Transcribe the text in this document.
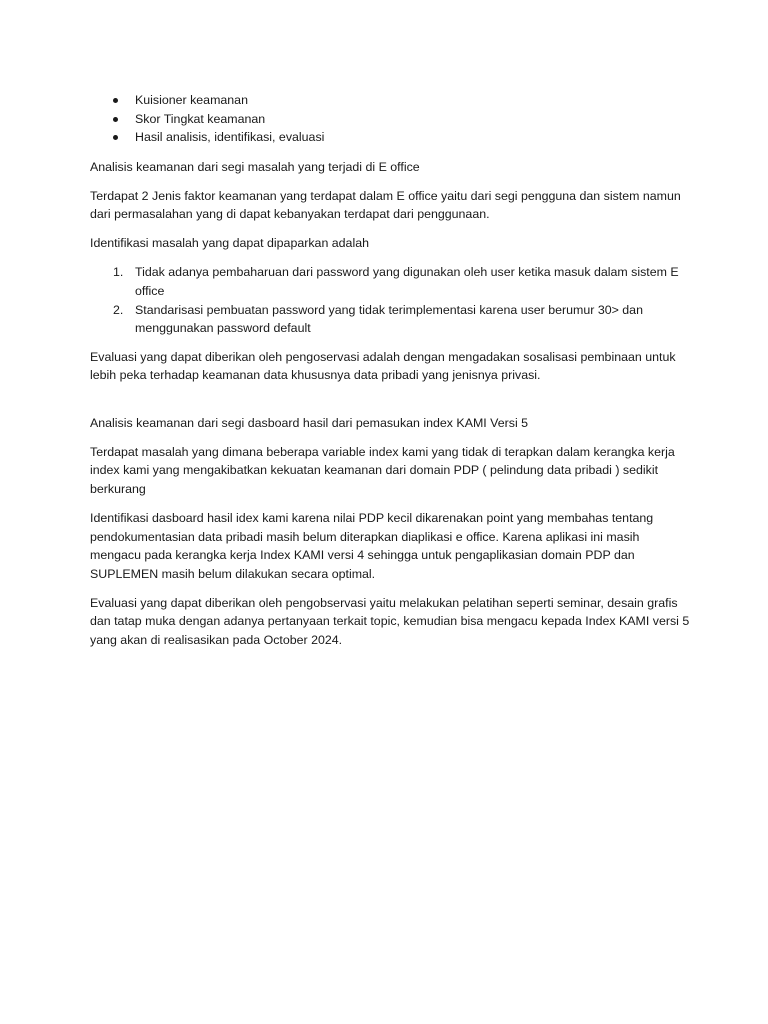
Kuisioner keamanan
Skor Tingkat keamanan
Hasil analisis, identifikasi, evaluasi

Analisis keamanan dari segi masalah yang terjadi di E office

Terdapat 2 Jenis faktor keamanan yang terdapat dalam E office yaitu dari segi pengguna dan sistem namun dari permasalahan yang di dapat kebanyakan terdapat dari penggunaan.

Identifikasi masalah yang dapat dipaparkan adalah

1. Tidak adanya pembaharuan dari password yang digunakan oleh user ketika masuk dalam sistem E office
2. Standarisasi pembuatan password yang tidak terimplementasi karena user berumur 30> dan menggunakan password default

Evaluasi yang dapat diberikan oleh pengoservasi adalah dengan mengadakan sosalisasi pembinaan untuk lebih peka terhadap keamanan data khususnya data pribadi yang jenisnya privasi.

Analisis keamanan dari segi dasboard hasil dari pemasukan index KAMI Versi 5

Terdapat masalah yang dimana beberapa variable index kami yang tidak di terapkan dalam kerangka kerja index kami yang mengakibatkan kekuatan keamanan dari domain PDP ( pelindung data pribadi ) sedikit berkurang

Identifikasi dasboard hasil idex kami karena nilai PDP kecil dikarenakan point yang membahas tentang pendokumentasian data pribadi masih belum diterapkan diaplikasi e office. Karena aplikasi ini masih mengacu pada kerangka kerja Index KAMI versi 4 sehingga untuk pengaplikasian domain PDP dan SUPLEMEN masih belum dilakukan secara optimal.

Evaluasi yang dapat diberikan oleh pengobservasi yaitu melakukan pelatihan seperti seminar, desain grafis dan tatap muka dengan adanya pertanyaan terkait topic, kemudian bisa mengacu kepada Index KAMI versi 5 yang akan di realisasikan pada October 2024.
